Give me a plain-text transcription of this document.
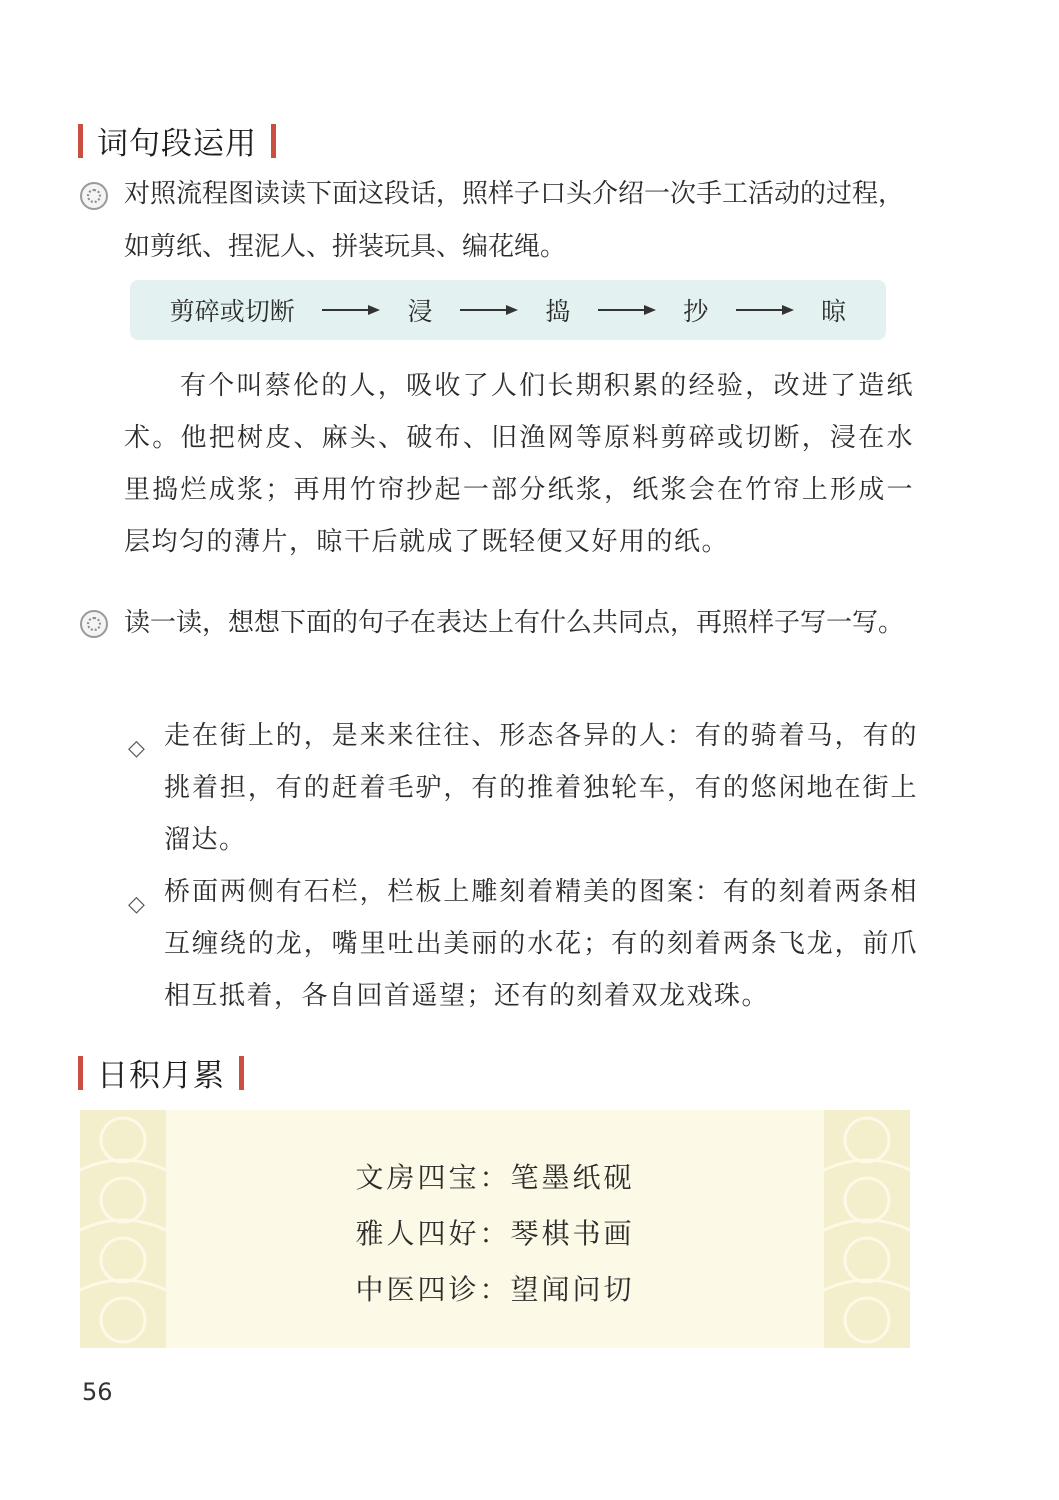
词句段运用
对照流程图读读下面这段话，照样子口头介绍一次手工活动的过程，如剪纸、捏泥人、拼装玩具、编花绳。
剪碎或切断	浸	捣	抄	晾
有个叫蔡伦的人，吸收了人们长期积累的经验，改进了造纸术。他把树皮、麻头、破布、旧渔网等原料剪碎或切断，浸在水里捣烂成浆；再用竹帘抄起一部分纸浆，纸浆会在竹帘上形成一层均匀的薄片，晾干后就成了既轻便又好用的纸。
读一读，想想下面的句子在表达上有什么共同点，再照样子写一写。
◇ 走在街上的，是来来往往、形态各异的人：有的骑着马，有的挑着担，有的赶着毛驴，有的推着独轮车，有的悠闲地在街上溜达。
◇ 桥面两侧有石栏，栏板上雕刻着精美的图案：有的刻着两条相互缠绕的龙，嘴里吐出美丽的水花；有的刻着两条飞龙，前爪相互抵着，各自回首遥望；还有的刻着双龙戏珠。
日积月累
文房四宝：笔墨纸砚
雅人四好：琴棋书画
中医四诊：望闻问切
56
